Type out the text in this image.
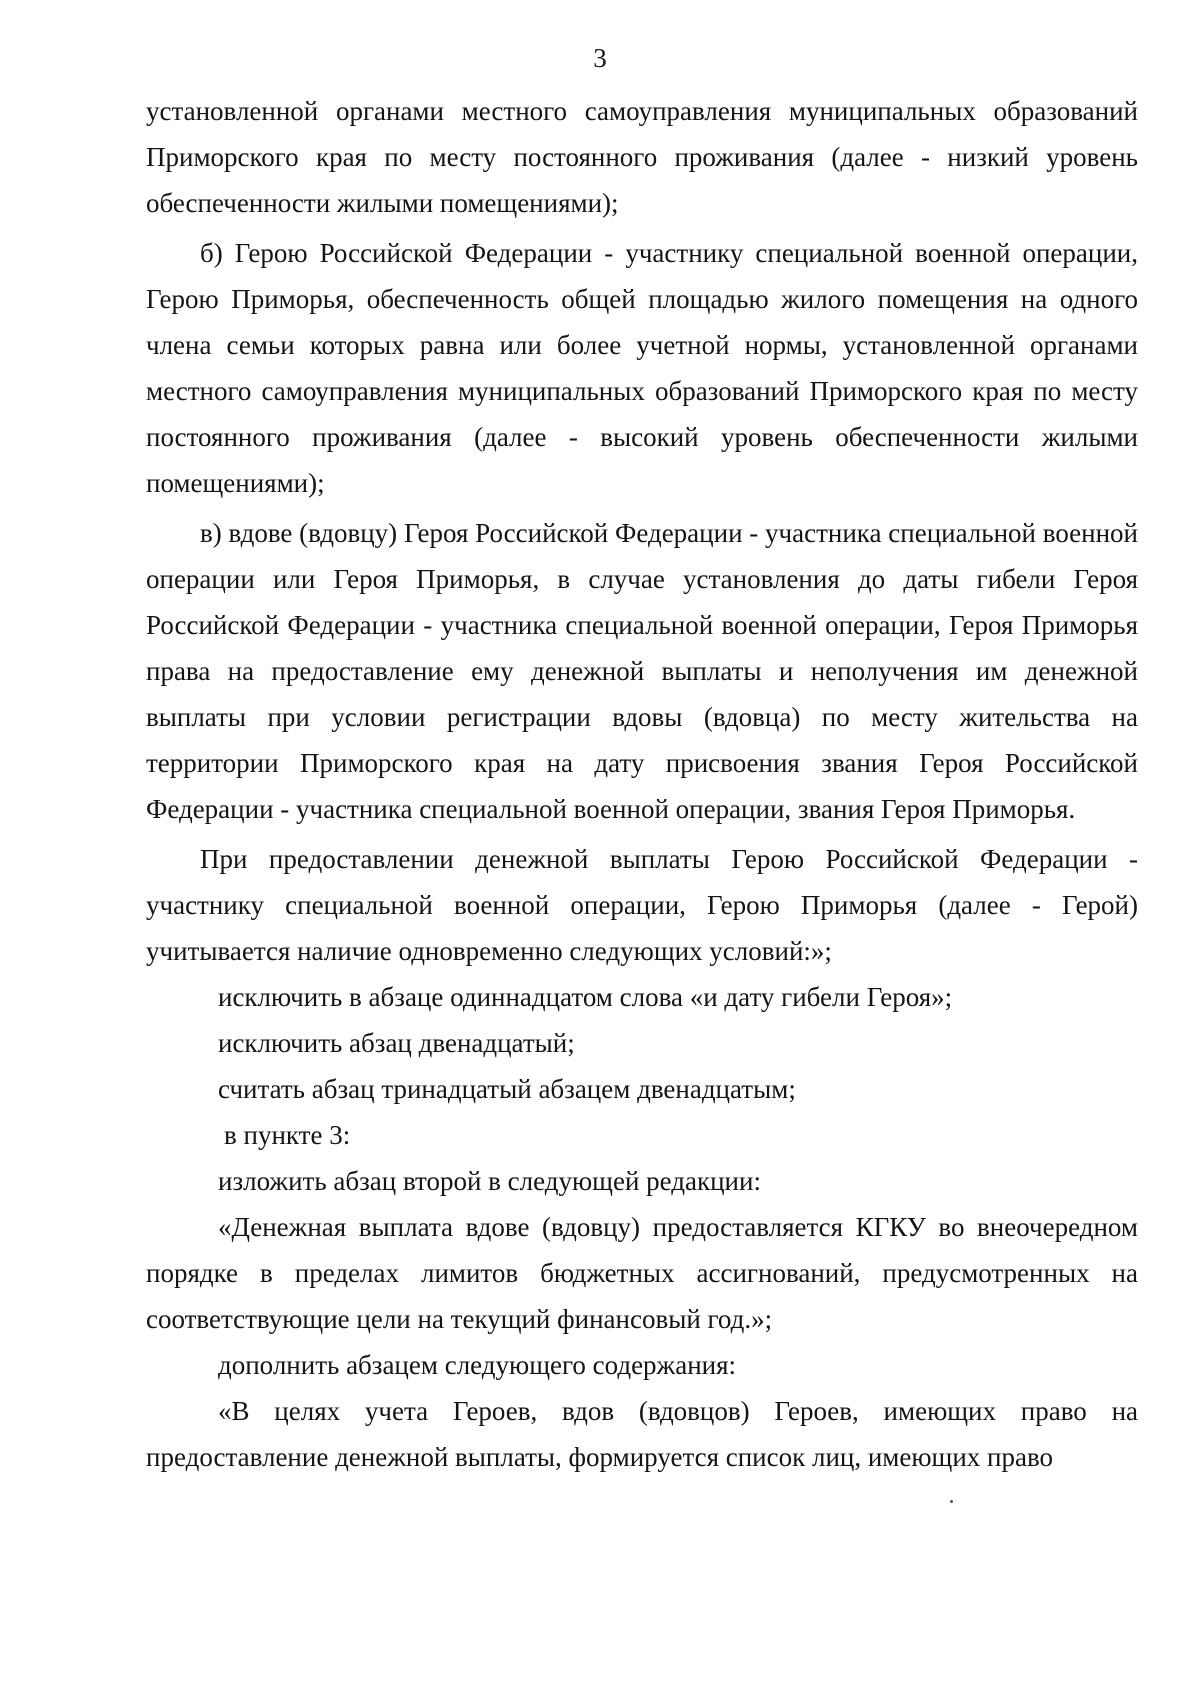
3

установленной органами местного самоуправления муниципальных образований Приморского края по месту постоянного проживания (далее - низкий уровень обеспеченности жилыми помещениями);

б) Герою Российской Федерации - участнику специальной военной операции, Герою Приморья, обеспеченность общей площадью жилого помещения на одного члена семьи которых равна или более учетной нормы, установленной органами местного самоуправления муниципальных образований Приморского края по месту постоянного проживания (далее - высокий уровень обеспеченности жилыми помещениями);

в) вдове (вдовцу) Героя Российской Федерации - участника специальной военной операции или Героя Приморья, в случае установления до даты гибели Героя Российской Федерации - участника специальной военной операции, Героя Приморья права на предоставление ему денежной выплаты и неполучения им денежной выплаты при условии регистрации вдовы (вдовца) по месту жительства на территории Приморского края на дату присвоения звания Героя Российской Федерации - участника специальной военной операции, звания Героя Приморья.

При предоставлении денежной выплаты Герою Российской Федерации - участнику специальной военной операции, Герою Приморья (далее - Герой) учитывается наличие одновременно следующих условий:»;

исключить в абзаце одиннадцатом слова «и дату гибели Героя»;

исключить абзац двенадцатый;

считать абзац тринадцатый абзацем двенадцатым;

в пункте 3:

изложить абзац второй в следующей редакции:

«Денежная выплата вдове (вдовцу) предоставляется КГКУ во внеочередном порядке в пределах лимитов бюджетных ассигнований, предусмотренных на соответствующие цели на текущий финансовый год.»;

дополнить абзацем следующего содержания:

«В целях учета Героев, вдов (вдовцов) Героев, имеющих право на предоставление денежной выплаты, формируется список лиц, имеющих право
